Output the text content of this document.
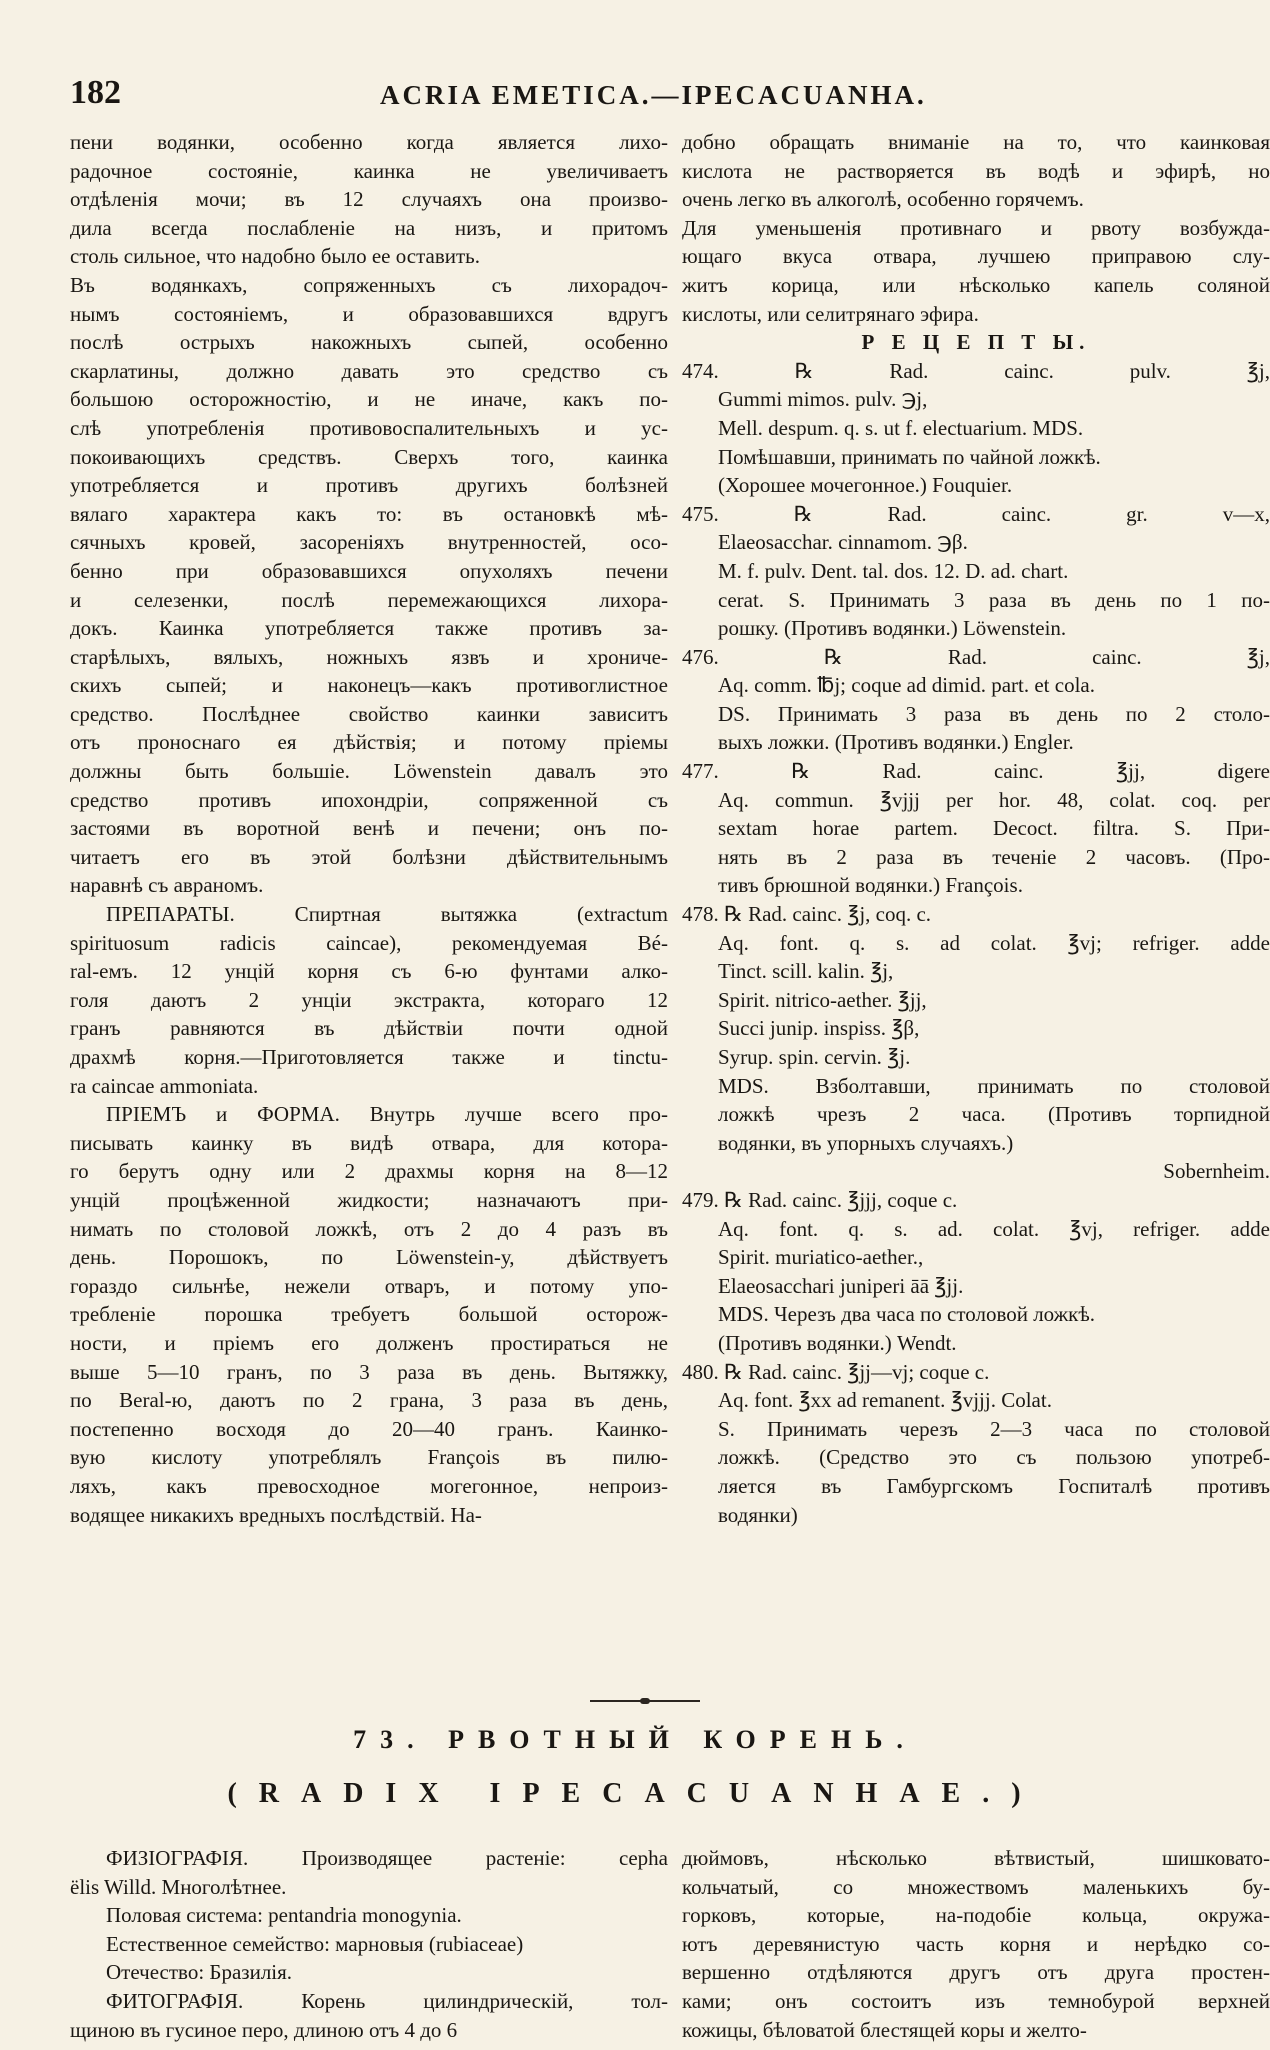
182	ACRIA EMETICA.—IPECACUANHA.
пени водянки, особенно когда является лихо-
радочное состояніе, каинка не увеличиваетъ
отдѣленія мочи; въ 12 случаяхъ она произво-
дила всегда послабленіе на низъ, и притомъ
столь сильное, что надобно было ее оставить.
Въ водянкахъ, сопряженныхъ съ лихорадоч-
нымъ состояніемъ, и образовавшихся вдругъ
послѣ острыхъ накожныхъ сыпей, особенно
скарлатины, должно давать это средство съ
большою осторожностію, и не иначе, какъ по-
слѣ употребленія противовоспалительныхъ и ус-
покоивающихъ средствъ. Сверхъ того, каинка
употребляется и противъ другихъ болѣзней
вялаго характера какъ то: въ остановкѣ мѣ-
сячныхъ кровей, засореніяхъ внутренностей, осо-
бенно при образовавшихся опухоляхъ печени
и селезенки, послѣ перемежающихся лихора-
докъ. Каинка употребляется также противъ за-
старѣлыхъ, вялыхъ, ножныхъ язвъ и хрониче-
скихъ сыпей; и наконецъ—какъ противоглистное
средство. Послѣднее свойство каинки зависитъ
отъ проноснаго ея дѣйствія; и потому пріемы
должны быть большіе. Löwenstein давалъ это
средство противъ ипохондріи, сопряженной съ
застоями въ воротной венѣ и печени; онъ по-
читаетъ его въ этой болѣзни дѣйствительнымъ
наравнѣ съ авраномъ.
ПРЕПАРАТЫ. Спиртная вытяжка (extractum
spirituosum radicis caincae), рекомендуемая Bé-
ral-емъ. 12 унцій корня съ 6-ю фунтами алко-
голя даютъ 2 унціи экстракта, котораго 12
гранъ равняются въ дѣйствіи почти одной
драхмѣ корня.—Приготовляется также и tinctu-
ra caincae ammoniata.
ПРІЕМЪ и ФОРМА. Внутрь лучше всего про-
писывать каинку въ видѣ отвара, для котора-
го берутъ одну или 2 драхмы корня на 8—12
унцій процѣженной жидкости; назначаютъ при-
нимать по столовой ложкѣ, отъ 2 до 4 разъ въ
день. Порошокъ, по Löwenstein-у, дѣйствуетъ
гораздо сильнѣе, нежели отваръ, и потому упо-
требленіе порошка требуетъ большой осторож-
ности, и пріемъ его долженъ простираться не
выше 5—10 гранъ, по 3 раза въ день. Вытяжку,
по Beral-ю, даютъ по 2 грана, 3 раза въ день,
постепенно восходя до 20—40 гранъ. Каинко-
вую кислоту употреблялъ François въ пилю-
ляхъ, какъ превосходное могегонное, непроиз-
водящее никакихъ вредныхъ послѣдствій. На-
добно обращать вниманіе на то, что каинковая
кислота не растворяется въ водѣ и эфирѣ, но
очень легко въ алкоголѣ, особенно горячемъ.
Для уменьшенія противнаго и рвоту возбужда-
ющаго вкуса отвара, лучшею приправою слу-
житъ корица, или нѣсколько капель соляной
кислоты, или селитрянаго эфира.
Р Е Ц Е П Т Ы.
474. ℞ Rad. cainc. pulv. ℥j,
Gummi mimos. pulv. ℈j,
Mell. despum. q. s. ut f. electuarium. MDS.
Помѣшавши, принимать по чайной ложкѣ.
(Хорошее мочегонное.) Fouquier.
475. ℞ Rad. cainc. gr. v—x,
Elaeosacchar. cinnamom. ℈β.
M. f. pulv. Dent. tal. dos. 12. D. ad. chart.
cerat. S. Принимать 3 раза въ день по 1 по-
рошку. (Противъ водянки.) Löwenstein.
476. ℞ Rad. cainc. ℥j,
Aq. comm. ℔j; coque ad dimid. part. et cola.
DS. Принимать 3 раза въ день по 2 столо-
выхъ ложки. (Противъ водянки.) Engler.
477. ℞ Rad. cainc. ℥jj, digere
Aq. commun. ℥vjjj per hor. 48, colat. coq. per
sextam horae partem. Decoct. filtra. S. При-
нять въ 2 раза въ теченіе 2 часовъ. (Про-
тивъ брюшной водянки.) François.
478. ℞ Rad. cainc. ℥j, coq. c.
Aq. font. q. s. ad colat. ℥vj; refriger. adde
Tinct. scill. kalin. ℥j,
Spirit. nitrico-aether. ℥jj,
Succi junip. inspiss. ℥β,
Syrup. spin. cervin. ℥j.
MDS. Взболтавши, принимать по столовой
ложкѣ чрезъ 2 часа. (Противъ торпидной
водянки, въ упорныхъ случаяхъ.)
Sobernheim.
479. ℞ Rad. cainc. ℥jjj, coque c.
Aq. font. q. s. ad. colat. ℥vj, refriger. adde
Spirit. muriatico-aether.,
Elaeosacchari juniperi āā ℥jj.
MDS. Черезъ два часа по столовой ложкѣ.
(Противъ водянки.) Wendt.
480. ℞ Rad. cainc. ℥jj—vj; coque c.
Aq. font. ℥xx ad remanent. ℥vjjj. Colat.
S. Принимать черезъ 2—3 часа по столовой
ложкѣ. (Средство это съ пользою употреб-
ляется въ Гамбургскомъ Госпиталѣ противъ
водянки)
73. РВОТНЫЙ КОРЕНЬ.
(RADIX IPECACUANHAE.)
ФИЗІОГРАФІЯ. Производящее растеніе: cepha
ëlis Willd. Многолѣтнее.
Половая система: pentandria monogynia.
Естественное семейство: марновыя (rubiaceae)
Отечество: Бразилія.
ФИТОГРАФІЯ. Корень цилиндрическій, тол-
щиною въ гусиное перо, длиною отъ 4 до 6
дюймовъ, нѣсколько вѣтвистый, шишковато-
кольчатый, со множествомъ маленькихъ бу-
горковъ, которые, на-подобіе кольца, окружа-
ютъ деревянистую часть корня и нерѣдко со-
вершенно отдѣляются другъ отъ друга простен-
ками; онъ состоитъ изъ темнобурой верхней
кожицы, бѣловатой блестящей коры и желто-
